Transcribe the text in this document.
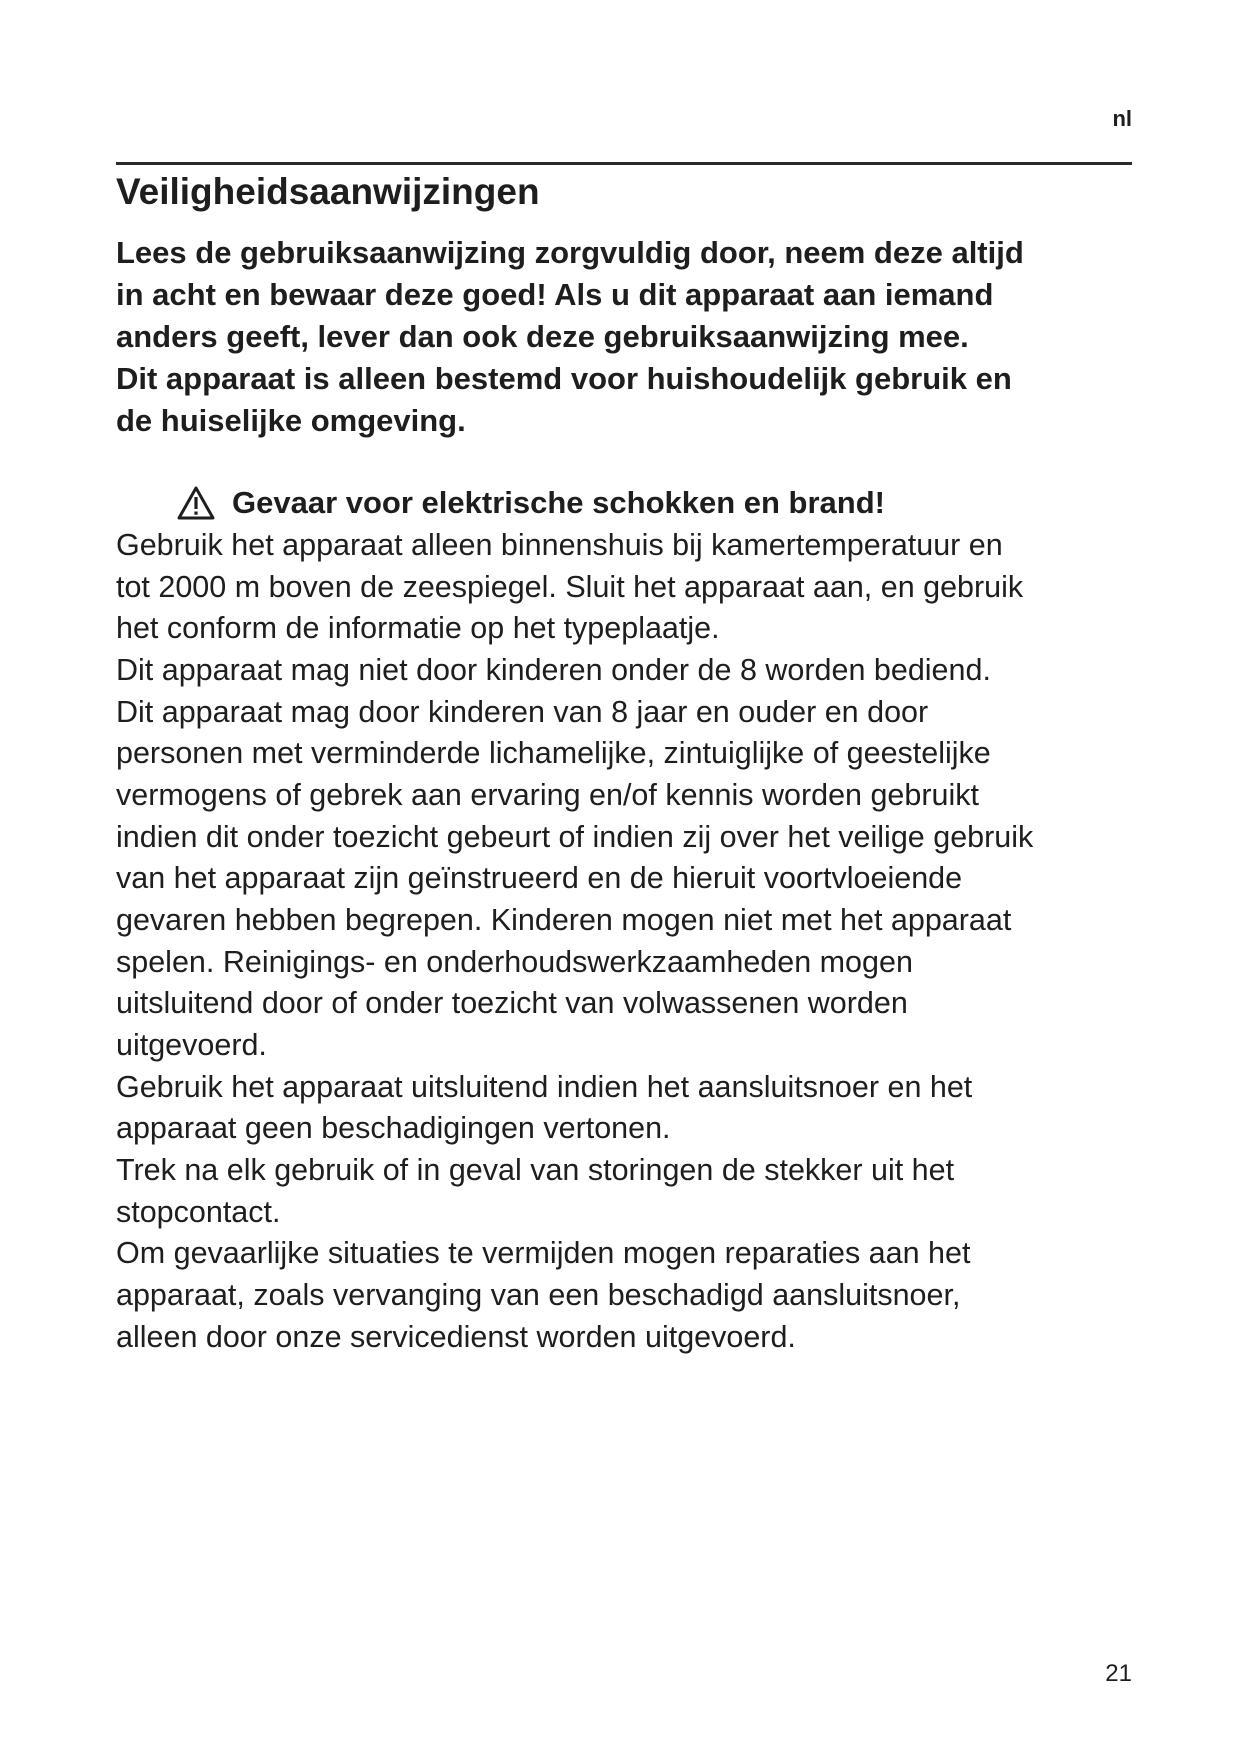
nl
Veiligheidsaanwijzingen

Lees de gebruiksaanwijzing zorgvuldig door, neem deze altijd

in acht en bewaar deze goed! Als u dit apparaat aan iemand

anders geeft, lever dan ook deze gebruiksaanwijzing mee.

Dit apparaat is alleen bestemd voor huishoudelijk gebruik en

de huiselijke omgeving.

Gevaar voor elektrische schokken en brand!

Gebruik het apparaat alleen binnenshuis bij kamertemperatuur en

tot 2000 m boven de zeespiegel. Sluit het apparaat aan, en gebruik

het conform de informatie op het typeplaatje.

Dit apparaat mag niet door kinderen onder de 8 worden bediend.

Dit apparaat mag door kinderen van 8 jaar en ouder en door

personen met verminderde lichamelijke, zintuiglijke of geestelijke

vermogens of gebrek aan ervaring en/of kennis worden gebruikt

indien dit onder toezicht gebeurt of indien zij over het veilige gebruik

van het apparaat zijn geïnstrueerd en de hieruit voortvloeiende

gevaren hebben begrepen. Kinderen mogen niet met het apparaat

spelen. Reinigings- en onderhoudswerkzaamheden mogen

uitsluitend door of onder toezicht van volwassenen worden

uitgevoerd.

Gebruik het apparaat uitsluitend indien het aansluitsnoer en het

apparaat geen beschadigingen vertonen.

Trek na elk gebruik of in geval van storingen de stekker uit het

stopcontact.

Om gevaarlijke situaties te vermijden mogen reparaties aan het

apparaat, zoals vervanging van een beschadigd aansluitsnoer,

alleen door onze servicedienst worden uitgevoerd.

21
